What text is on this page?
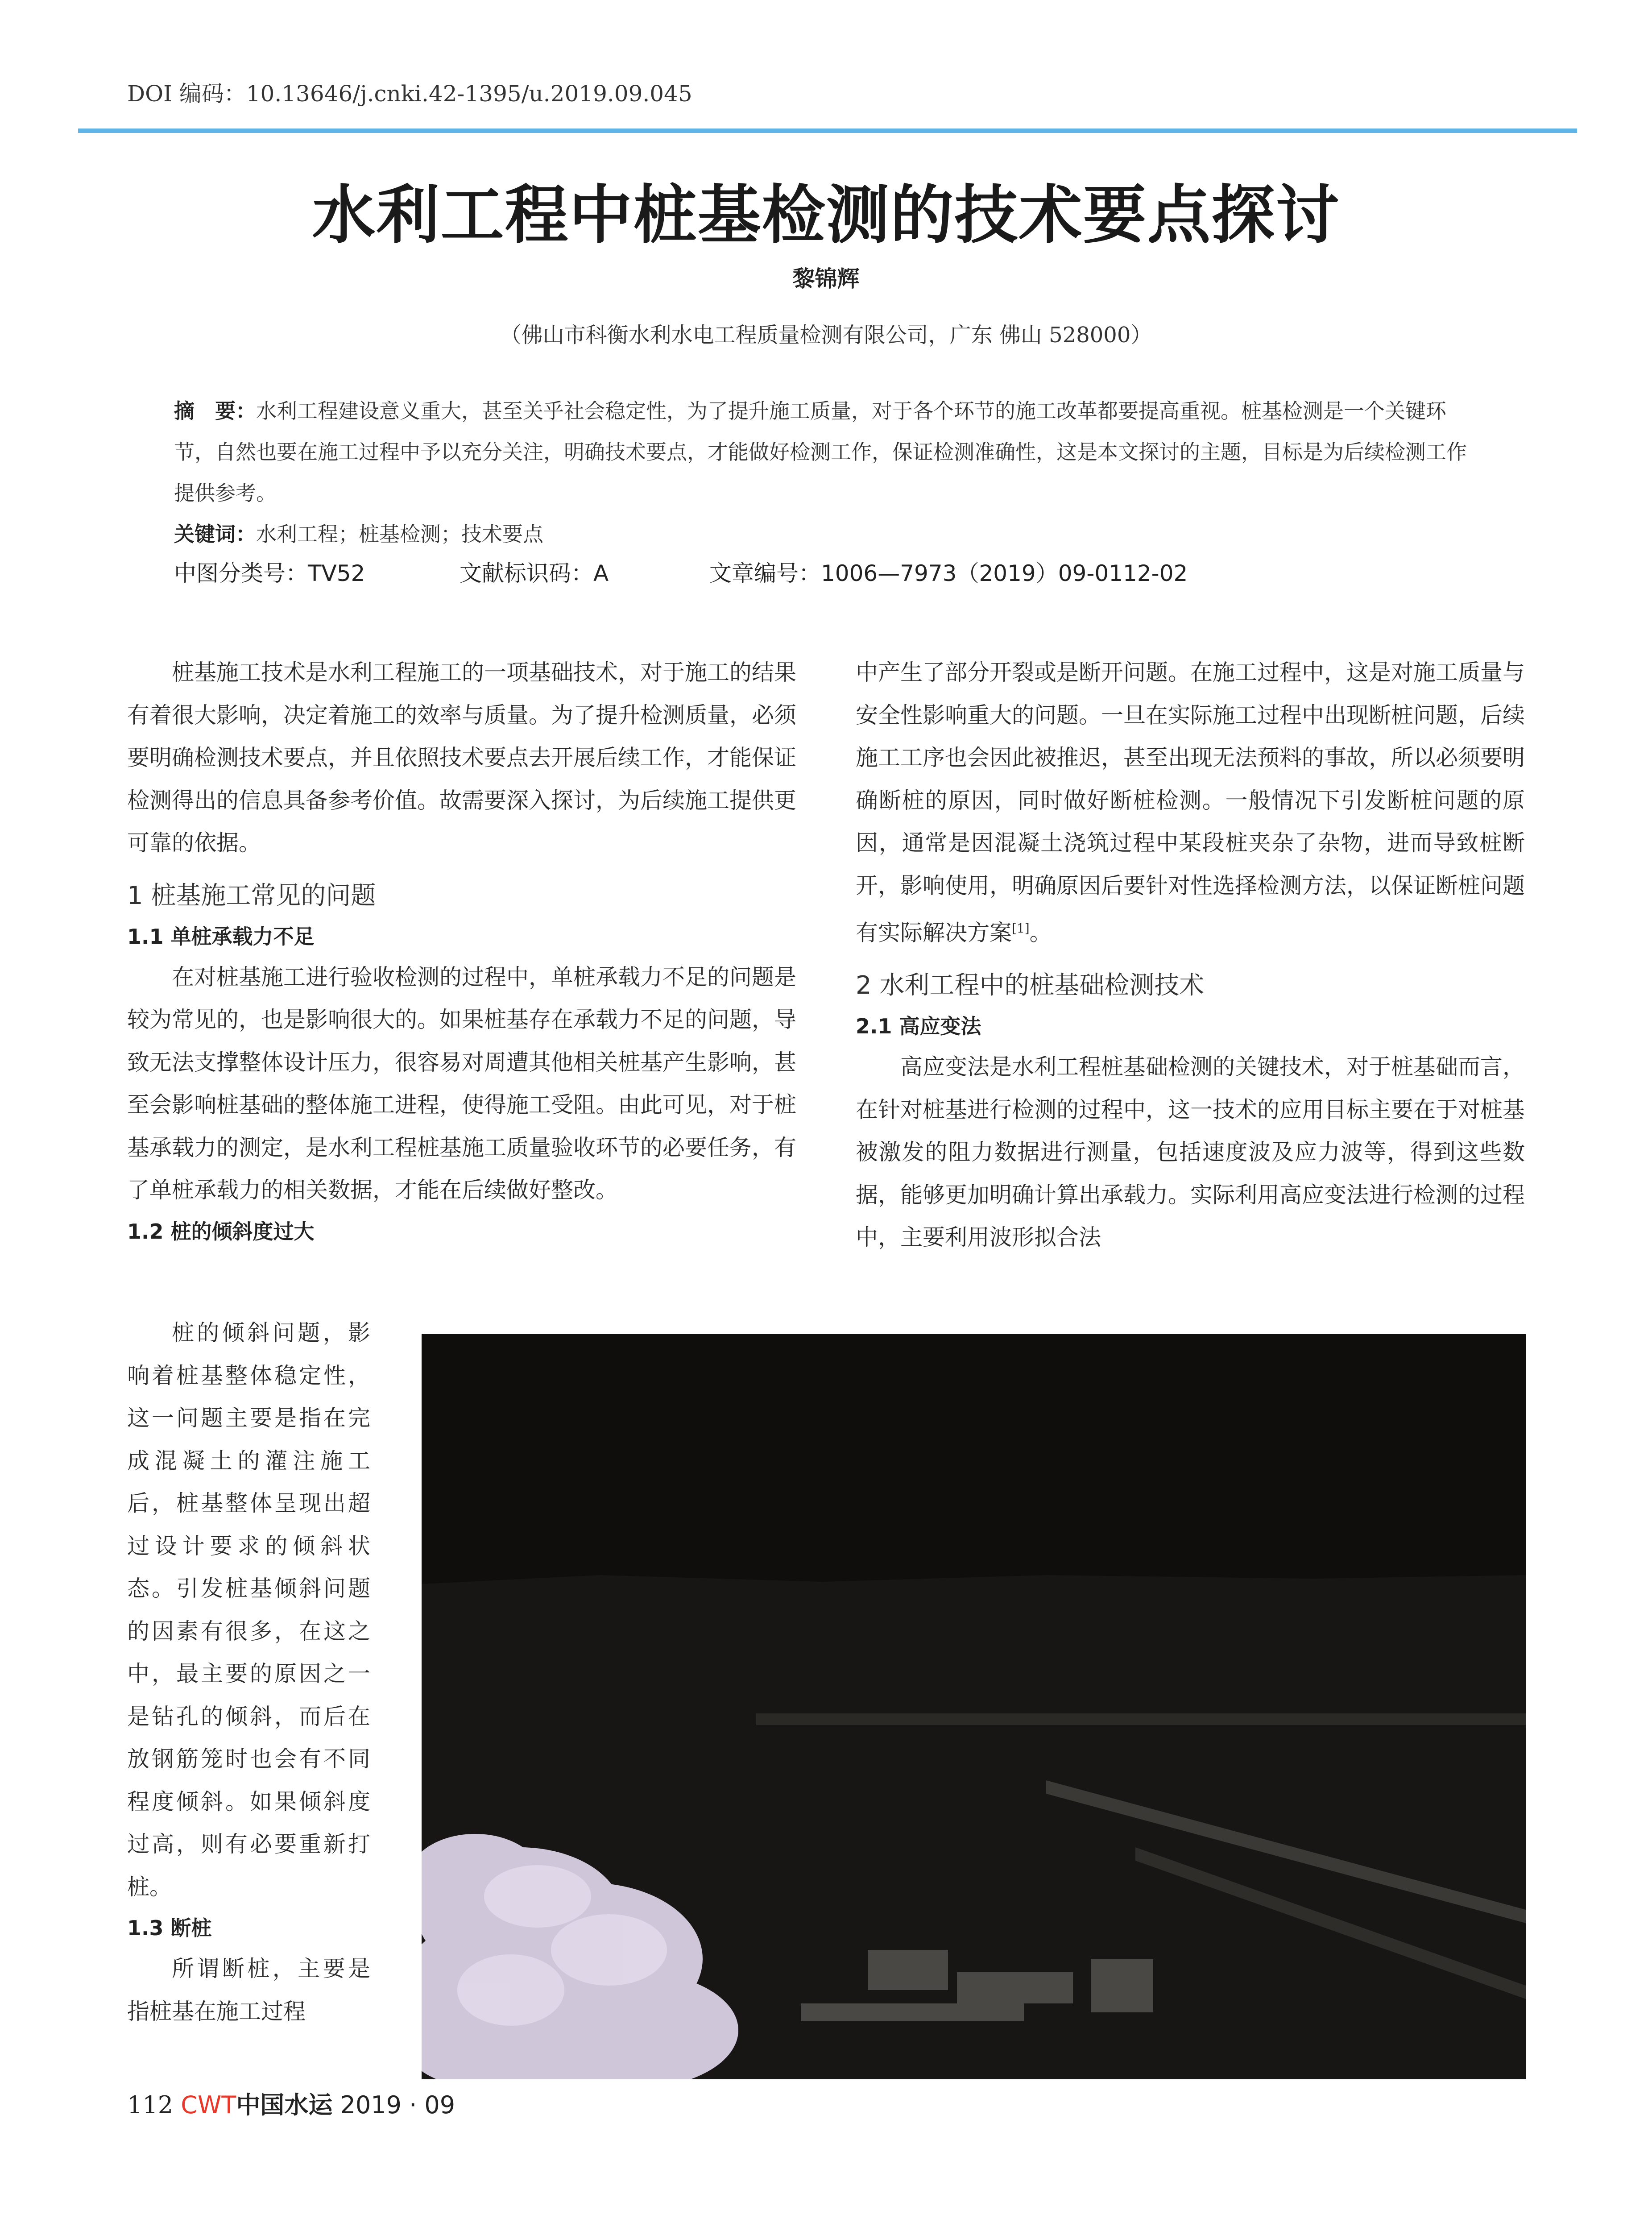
DOI 编码：10.13646/j.cnki.42-1395/u.2019.09.045
水利工程中桩基检测的技术要点探讨
黎锦辉
（佛山市科衡水利水电工程质量检测有限公司，广东 佛山 528000）
摘　要：水利工程建设意义重大，甚至关乎社会稳定性，为了提升施工质量，对于各个环节的施工改革都要提高重视。桩基检测是一个关键环节，自然也要在施工过程中予以充分关注，明确技术要点，才能做好检测工作，保证检测准确性，这是本文探讨的主题，目标是为后续检测工作提供参考。
关键词：水利工程；桩基检测；技术要点
中图分类号：TV52	文献标识码：A	文章编号：1006—7973（2019）09-0112-02

桩基施工技术是水利工程施工的一项基础技术，对于施工的结果有着很大影响，决定着施工的效率与质量。为了提升检测质量，必须要明确检测技术要点，并且依照技术要点去开展后续工作，才能保证检测得出的信息具备参考价值。故需要深入探讨，为后续施工提供更可靠的依据。

1 桩基施工常见的问题
1.1 单桩承载力不足

在对桩基施工进行验收检测的过程中，单桩承载力不足的问题是较为常见的，也是影响很大的。如果桩基存在承载力不足的问题，导致无法支撑整体设计压力，很容易对周遭其他相关桩基产生影响，甚至会影响桩基础的整体施工进程，使得施工受阻。由此可见，对于桩基承载力的测定，是水利工程桩基施工质量验收环节的必要任务，有了单桩承载力的相关数据，才能在后续做好整改。

1.2 桩的倾斜度过大

桩的倾斜问题，影响着桩基整体稳定性，这一问题主要是指在完成混凝土的灌注施工后，桩基整体呈现出超过设计要求的倾斜状态。引发桩基倾斜问题的因素有很多，在这之中，最主要的原因之一是钻孔的倾斜，而后在放钢筋笼时也会有不同程度倾斜。如果倾斜度过高，则有必要重新打桩。

1.3 断桩

所谓断桩，主要是指桩基在施工过程

中产生了部分开裂或是断开问题。在施工过程中，这是对施工质量与安全性影响重大的问题。一旦在实际施工过程中出现断桩问题，后续施工工序也会因此被推迟，甚至出现无法预料的事故，所以必须要明确断桩的原因，同时做好断桩检测。一般情况下引发断桩问题的原因，通常是因混凝土浇筑过程中某段桩夹杂了杂物，进而导致桩断开，影响使用，明确原因后要针对性选择检测方法，以保证断桩问题有实际解决方案[1]。

2 水利工程中的桩基础检测技术
2.1 高应变法

高应变法是水利工程桩基础检测的关键技术，对于桩基础而言，在针对桩基进行检测的过程中，这一技术的应用目标主要在于对桩基被激发的阻力数据进行测量，包括速度波及应力波等，得到这些数据，能够更加明确计算出承载力。实际利用高应变法进行检测的过程中，主要利用波形拟合法

112 CWT中国水运 2019 · 09
